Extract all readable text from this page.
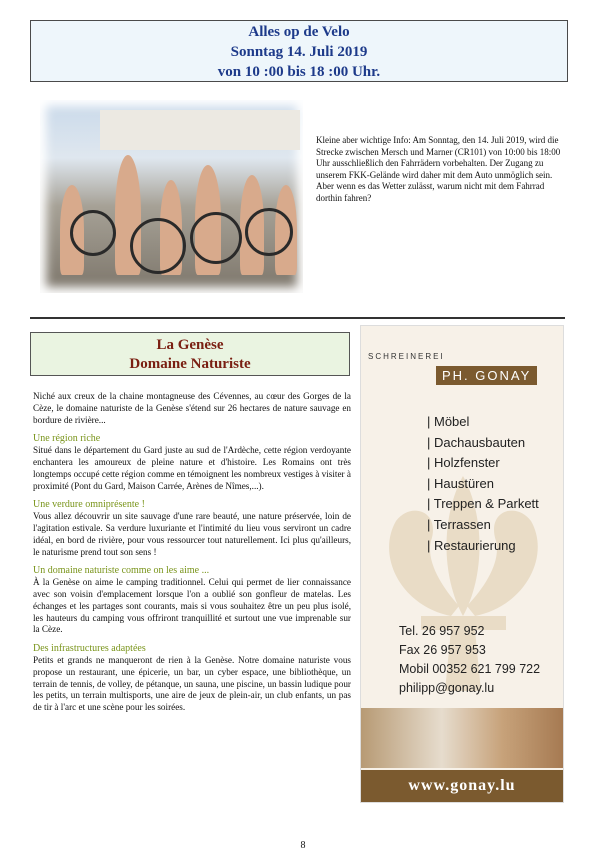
Alles op de Velo
Sonntag 14. Juli 2019
von 10 :00 bis 18 :00 Uhr.
Kleine aber wichtige Info: Am Sonntag, den 14. Juli 2019, wird die Strecke zwischen Mersch und Marner (CR101) von 10:00 bis 18:00 Uhr ausschließlich den Fahrrädern vorbehalten. Der Zugang zu unserem FKK-Gelände wird daher mit dem Auto unmöglich sein. Aber wenn es das Wetter zulässt, warum nicht mit dem Fahrrad dorthin fahren?
La Genèse
Domaine Naturiste

Niché aux creux de la chaine montagneuse des Cévennes, au cœur des Gorges de la Cèze, le domaine naturiste de la Genèse s'étend sur 26 hectares de nature sauvage en bordure de rivière...

Une région riche

Situé dans le département du Gard juste au sud de l'Ardèche, cette région verdoyante enchantera les amoureux de pleine nature et d'histoire. Les Romains ont très longtemps occupé cette région comme en témoignent les nombreux vestiges à visiter à proximité (Pont du Gard, Maison Carrée, Arènes de Nîmes,...).

Une verdure omniprésente !

Vous allez découvrir un site sauvage d'une rare beauté, une nature préservée, loin de l'agitation estivale. Sa verdure luxuriante et l'intimité du lieu vous serviront un cadre idéal, en bord de rivière, pour vous ressourcer tout naturellement. Ici plus qu'ailleurs, le naturisme prend tout son sens !

Un domaine naturiste comme on les aime ...

À la Genèse on aime le camping traditionnel. Celui qui permet de lier connaissance avec son voisin d'emplacement lorsque l'on a oublié son gonfleur de matelas. Les échanges et les partages sont courants, mais si vous souhaitez être un peu plus isolé, les hauteurs du camping vous offriront tranquillité et surtout une vue imprenable sur la Cèze.

Des infrastructures adaptées

Petits et grands ne manqueront de rien à la Genèse. Notre domaine naturiste vous propose un restaurant, une épicerie, un bar, un cyber espace, une bibliothèque, un terrain de tennis, de volley, de pétanque, un sauna, une piscine, un bassin ludique pour les petits, un terrain multisports, une aire de jeux de plein-air, un club enfants, un pas de tir à l'arc et une scène pour les soirées.

SCHREINEREI
PH. GONAY
| Möbel
| Dachausbauten
| Holzfenster
| Haustüren
| Treppen & Parkett
| Terrassen
| Restaurierung
Tel. 26 957 952
Fax 26 957 953
Mobil 00352 621 799 722
philipp@gonay.lu
www.gonay.lu
8
